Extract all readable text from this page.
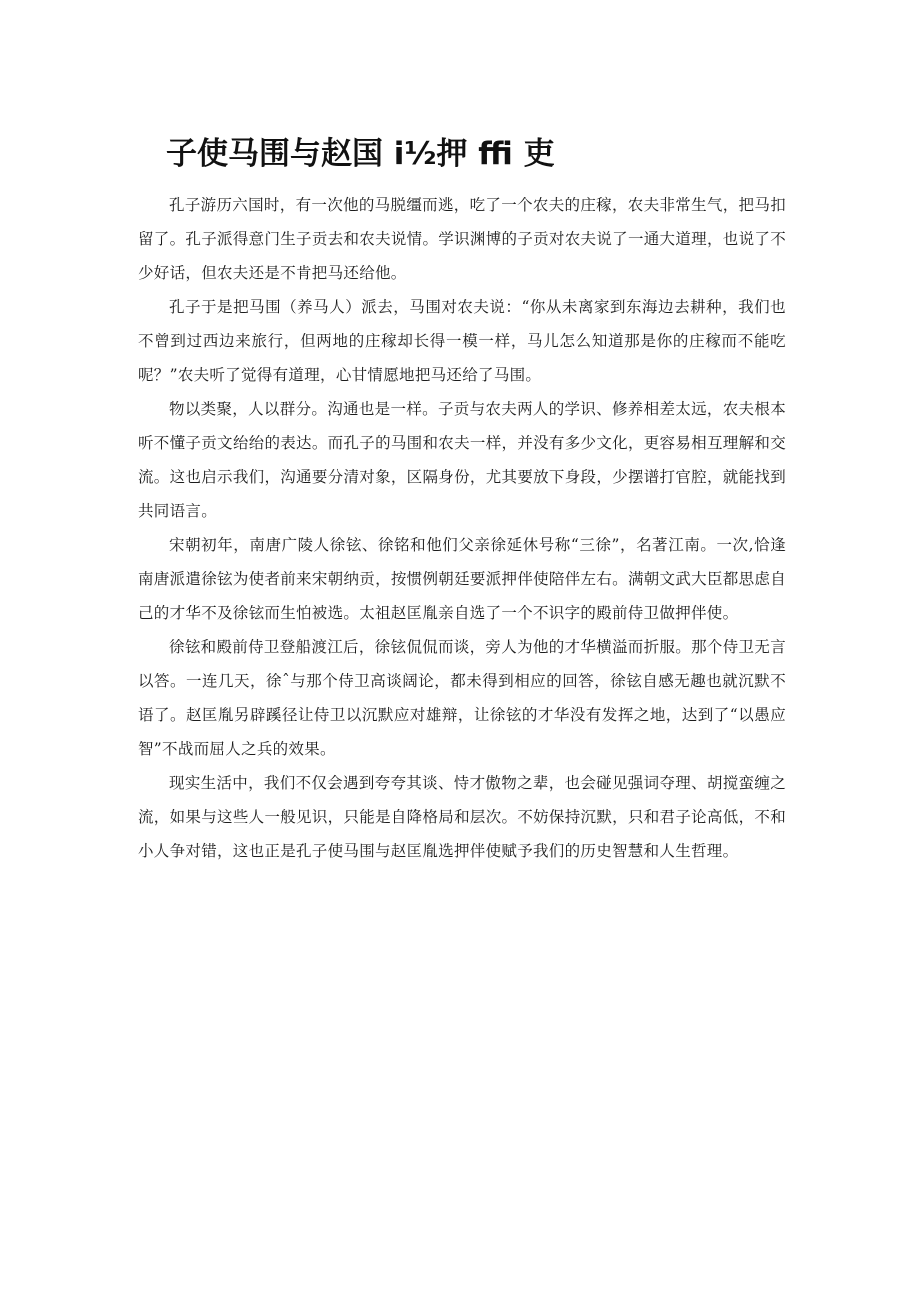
子使马围与赵国 i½押 ffi 吏

孔子游历六国时，有一次他的马脱缰而逃，吃了一个农夫的庄稼，农夫非常生气，把马扣留了。孔子派得意门生子贡去和农夫说情。学识渊博的子贡对农夫说了一通大道理，也说了不少好话，但农夫还是不肯把马还给他。

孔子于是把马围（养马人）派去，马围对农夫说：“你从未离家到东海边去耕种，我们也不曾到过西边来旅行，但两地的庄稼却长得一模一样，马儿怎么知道那是你的庄稼而不能吃呢？”农夫听了觉得有道理，心甘情愿地把马还给了马围。

物以类聚，人以群分。沟通也是一样。子贡与农夫两人的学识、修养相差太远，农夫根本听不懂子贡文绐绐的表达。而孔子的马围和农夫一样，并没有多少文化，更容易相互理解和交流。这也启示我们，沟通要分清对象，区隔身份，尤其要放下身段，少摆谱打官腔，就能找到共同语言。

宋朝初年，南唐广陵人徐铉、徐铭和他们父亲徐延休号称“三徐”，名著江南。一次,恰逢南唐派遣徐铉为使者前来宋朝纳贡，按惯例朝廷要派押伴使陪伴左右。满朝文武大臣都思虑自己的才华不及徐铉而生怕被选。太祖赵匡胤亲自选了一个不识字的殿前侍卫做押伴使。

徐铉和殿前侍卫登船渡江后，徐铉侃侃而谈，旁人为他的才华横溢而折服。那个侍卫无言以答。一连几天，徐ˆ与那个侍卫高谈阔论，都未得到相应的回答，徐铉自感无趣也就沉默不语了。赵匡胤另辟蹊径让侍卫以沉默应对雄辩，让徐铉的才华没有发挥之地，达到了“以愚应智”不战而屈人之兵的效果。

现实生活中，我们不仅会遇到夸夸其谈、恃才傲物之辈，也会碰见强词夺理、胡搅蛮缠之流，如果与这些人一般见识，只能是自降格局和层次。不妨保持沉默，只和君子论高低，不和小人争对错，这也正是孔子使马围与赵匡胤选押伴使赋予我们的历史智慧和人生哲理。
